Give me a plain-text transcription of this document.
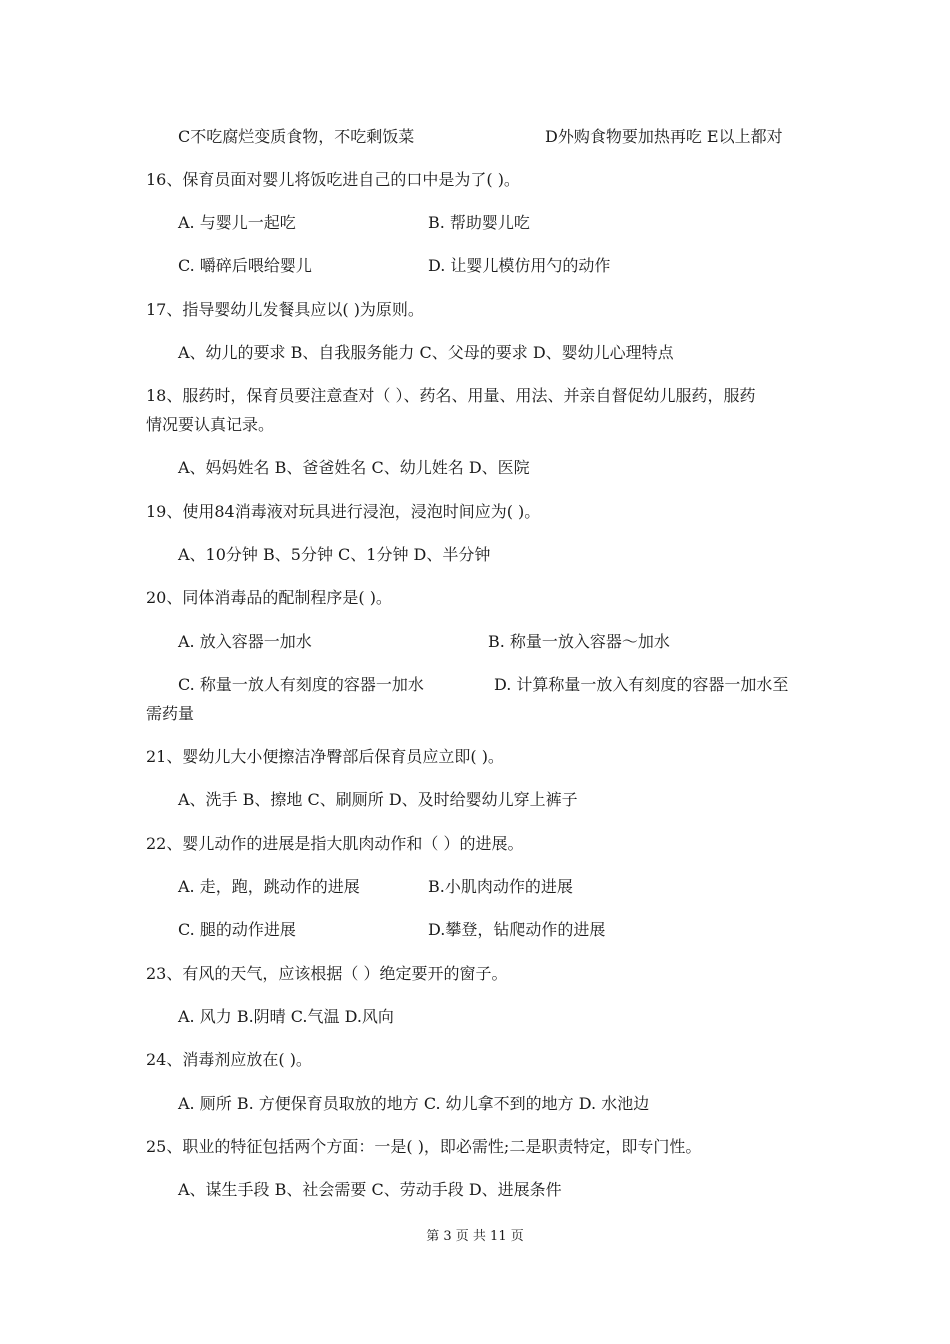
C不吃腐烂变质食物，不吃剩饭菜	D外购食物要加热再吃 E以上都对
16、保育员面对婴儿将饭吃进自己的口中是为了( )。
A. 与婴儿一起吃	B. 帮助婴儿吃
C. 嚼碎后喂给婴儿	D. 让婴儿模仿用勺的动作
17、指导婴幼儿发餐具应以( )为原则。
A、幼儿的要求 B、自我服务能力 C、父母的要求 D、婴幼儿心理特点
18、服药时，保育员要注意查对（ ）、药名、用量、用法、并亲自督促幼儿服药，服药
情况要认真记录。
A、妈妈姓名 B、爸爸姓名 C、幼儿姓名 D、医院
19、使用84消毒液对玩具进行浸泡，浸泡时间应为( )。
A、10分钟 B、5分钟 C、1分钟 D、半分钟
20、同体消毒品的配制程序是( )。
A. 放入容器一加水	B. 称量一放入容器～加水
C. 称量一放人有刻度的容器一加水	D. 计算称量一放入有刻度的容器一加水至
需药量
21、婴幼儿大小便擦洁净臀部后保育员应立即( )。
A、洗手 B、擦地 C、刷厕所 D、及时给婴幼儿穿上裤子
22、婴儿动作的进展是指大肌肉动作和（ ）的进展。
A. 走，跑，跳动作的进展	B.小肌肉动作的进展
C. 腿的动作进展	D.攀登，钻爬动作的进展
23、有风的天气，应该根据（ ）绝定要开的窗子。
A. 风力 B.阴晴 C.气温 D.风向
24、消毒剂应放在( )。
A. 厕所 B. 方便保育员取放的地方 C. 幼儿拿不到的地方 D. 水池边
25、职业的特征包括两个方面：一是( )，即必需性;二是职责特定，即专门性。
A、谋生手段 B、社会需要 C、劳动手段 D、进展条件
第 3 页 共 11 页
